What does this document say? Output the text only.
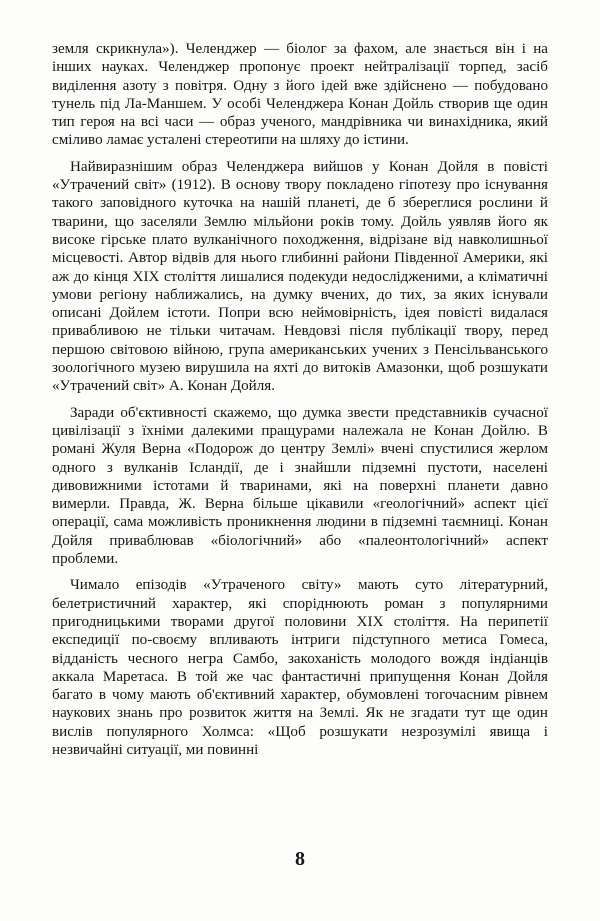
земля скрикнула»). Челенджер — біолог за фахом, але знається він і на інших науках. Челенджер пропонує проект нейтралізації торпед, засіб виділення азоту з повітря. Одну з його ідей вже здійснено — побудовано тунель під Ла-Маншем. У особі Челенджера Конан Дойль створив ще один тип героя на всі часи — образ ученого, мандрівника чи винахідника, який сміливо ламає усталені стереотипи на шляху до істини.

Найвиразнішим образ Челенджера вийшов у Конан Дойля в повісті «Утрачений світ» (1912). В основу твору покладено гіпотезу про існування такого заповідного куточка на нашій планеті, де б збереглися рослини й тварини, що заселяли Землю мільйони років тому. Дойль уявляв його як високе гірське плато вулканічного походження, відрізане від навколишньої місцевості. Автор відвів для нього глибинні райони Південної Америки, які аж до кінця XIX століття лишалися подекуди недослідженими, а кліматичні умови регіону наближались, на думку вчених, до тих, за яких існували описані Дойлем істоти. Попри всю неймовірність, ідея повісті видалася привабливою не тільки читачам. Невдовзі після публікації твору, перед першою світовою війною, група американських учених з Пенсільванського зоологічного музею вирушила на яхті до витоків Амазонки, щоб розшукати «Утрачений світ» А. Конан Дойля.

Заради об'єктивності скажемо, що думка звести представників сучасної цивілізації з їхніми далекими пращурами належала не Конан Дойлю. В романі Жуля Верна «Подорож до центру Землі» вчені спустилися жерлом одного з вулканів Ісландії, де і знайшли підземні пустоти, населені дивовижними істотами й тваринами, які на поверхні планети давно вимерли. Правда, Ж. Верна більше цікавили «геологічний» аспект цієї операції, сама можливість проникнення людини в підземні таємниці. Конан Дойля приваблював «біологічний» або «палеонтологічний» аспект проблеми.

Чимало епізодів «Утраченого світу» мають суто літературний, белетристичний характер, які споріднюють роман з популярними пригодницькими творами другої половини XIX століття. На перипетії експедиції по-своєму впливають інтриги підступного метиса Гомеса, відданість чесного негра Самбо, закоханість молодого вождя індіанців аккала Маретаса. В той же час фантастичні припущення Конан Дойля багато в чому мають об'єктивний характер, обумовлені тогочасним рівнем наукових знань про розвиток життя на Землі. Як не згадати тут ще один вислів популярного Холмса: «Щоб розшукати незрозумілі явища і незвичайні ситуації, ми повинні

8
